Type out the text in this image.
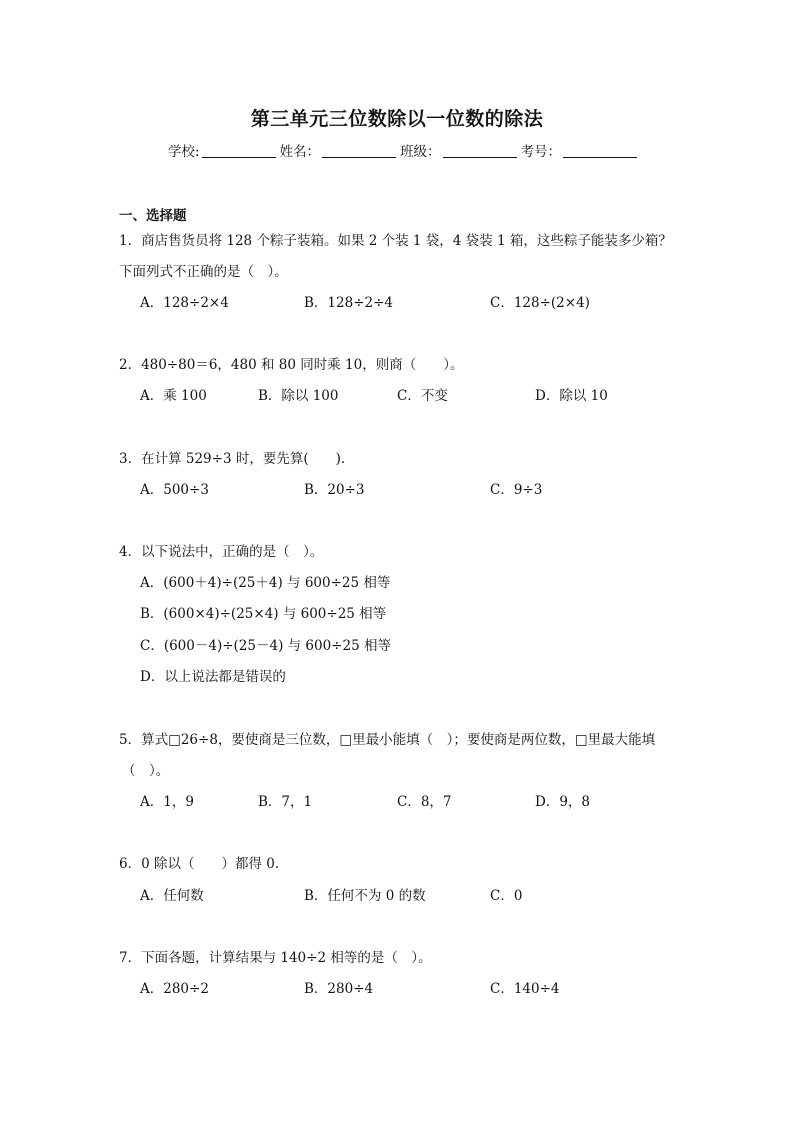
第三单元三位数除以一位数的除法
学校:	姓名：	班级：	考号：
一、选择题
1．商店售货员将 128 个粽子装箱。如果 2 个装 1 袋，4 袋装 1 箱，这些粽子能装多少箱？
下面列式不正确的是（　）。
A．128÷2×4	B．128÷2÷4	C．128÷(2×4)
2．480÷80＝6，480 和 80 同时乘 10，则商（　　）。
A．乘 100	B．除以 100	C．不变	D．除以 10
3．在计算 529÷3 时，要先算(　　).
A．500÷3	B．20÷3	C．9÷3
4．以下说法中，正确的是（　）。
A．(600＋4)÷(25＋4) 与 600÷25 相等
B．(600×4)÷(25×4) 与 600÷25 相等
C．(600－4)÷(25－4) 与 600÷25 相等
D．以上说法都是错误的
5．算式□26÷8，要使商是三位数，□里最小能填（　）；要使商是两位数，□里最大能填
（　）。
A．1，9	B．7，1	C．8，7	D．9，8
6．0 除以（　　）都得 0.
A．任何数	B．任何不为 0 的数	C．0
7．下面各题，计算结果与 140÷2 相等的是（　）。
A．280÷2	B．280÷4	C．140÷4
